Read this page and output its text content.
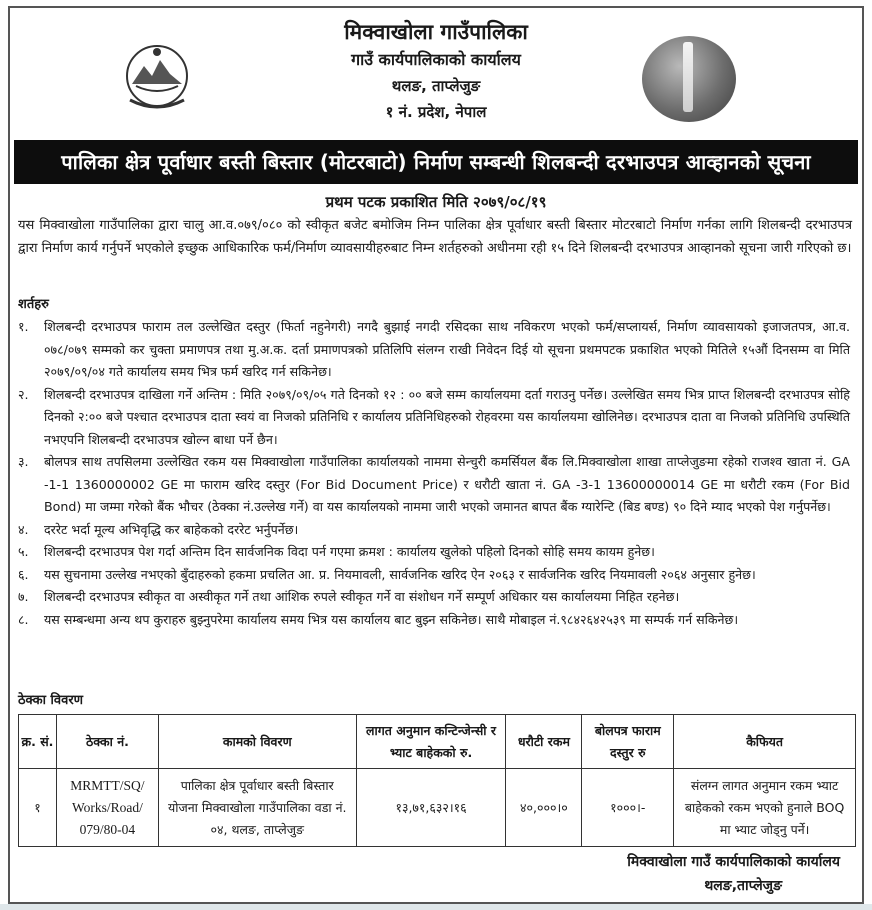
मिक्वाखोला गाउँपालिका
गाउँ कार्यपालिकाको कार्यालय
थलङ, ताप्लेजुङ
१ नं. प्रदेश, नेपाल
पालिका क्षेत्र पूर्वाधार बस्ती बिस्तार (मोटरबाटो) निर्माण सम्बन्धी शिलबन्दी दरभाउपत्र आव्हानको सूचना
प्रथम पटक प्रकाशित मिति २०७९/०८/१९
यस मिक्वाखोला गाउँपालिका द्वारा चालु आ.व.०७९/०८० को स्वीकृत बजेट बमोजिम निम्न पालिका क्षेत्र पूर्वाधार बस्ती बिस्तार मोटरबाटो निर्माण गर्नका लागि शिलबन्दी दरभाउपत्र द्वारा निर्माण कार्य गर्नुपर्ने भएकोले इच्छुक आधिकारिक फर्म/निर्माण व्यावसायीहरुबाट निम्न शर्तहरुको अधीनमा रही १५ दिने शिलबन्दी दरभाउपत्र आव्हानको सूचना जारी गरिएको छ।
शर्तहरु
१.	शिलबन्दी दरभाउपत्र फाराम तल उल्लेखित दस्तुर (फिर्ता नहुनेगरी) नगदै बुझाई नगदी रसिदका साथ नविकरण भएको फर्म/सप्लायर्स, निर्माण व्यावसायको इजाजतपत्र, आ.व. ०७८/०७९ सम्मको कर चुक्ता प्रमाणपत्र तथा मु.अ.क. दर्ता प्रमाणपत्रको प्रतिलिपि संलग्न राखी निवेदन दिई यो सूचना प्रथमपटक प्रकाशित भएको मितिले १५औं दिनसम्म वा मिति २०७९/०९/०४ गते कार्यालय समय भित्र फर्म खरिद गर्न सकिनेछ।
२.	शिलबन्दी दरभाउपत्र दाखिला गर्ने अन्तिम : मिति २०७९/०९/०५ गते दिनको १२ : ०० बजे सम्म कार्यालयमा दर्ता गराउनु पर्नेछ। उल्लेखित समय भित्र प्राप्त शिलबन्दी दरभाउपत्र सोहि दिनको २:०० बजे पश्चात दरभाउपत्र दाता स्वयं वा निजको प्रतिनिधि र कार्यालय प्रतिनिधिहरुको रोहवरमा यस कार्यालयमा खोलिनेछ। दरभाउपत्र दाता वा निजको प्रतिनिधि उपस्थिति नभएपनि शिलबन्दी दरभाउपत्र खोल्न बाधा पर्ने छैन।
३.	बोलपत्र साथ तपसिलमा उल्लेखित रकम यस मिक्वाखोला गाउँपालिका कार्यालयको नाममा सेन्चुरी कमर्सियल बैंक लि.मिक्वाखोला शाखा ताप्लेजुङमा रहेको राजश्व खाता नं. GA -1-1 1360000002 GE मा फाराम खरिद दस्तुर (For Bid Document Price) र धरौटी खाता नं. GA -3-1 13600000014 GE मा धरौटी रकम (For Bid Bond) मा जम्मा गरेको बैंक भौचर (ठेक्का नं.उल्लेख गर्ने) वा यस कार्यालयको नाममा जारी भएको जमानत बापत बैंक ग्यारेन्टि (बिड बण्ड) ९० दिने म्याद भएको पेश गर्नुपर्नेछ।
४.	दररेट भर्दा मूल्य अभिवृद्धि कर बाहेकको दररेट भर्नुपर्नेछ।
५.	शिलबन्दी दरभाउपत्र पेश गर्दा अन्तिम दिन सार्वजनिक विदा पर्न गएमा क्रमश : कार्यालय खुलेको पहिलो दिनको सोहि समय कायम हुनेछ।
६.	यस सुचनामा उल्लेख नभएको बुँदाहरुको हकमा प्रचलित आ. प्र. नियमावली, सार्वजनिक खरिद ऐन २०६३ र सार्वजनिक खरिद नियमावली २०६४ अनुसार हुनेछ।
७.	शिलबन्दी दरभाउपत्र स्वीकृत वा अस्वीकृत गर्ने तथा आंशिक रुपले स्वीकृत गर्ने वा संशोधन गर्ने सम्पूर्ण अधिकार यस कार्यालयमा निहित रहनेछ।
८.	यस सम्बन्धमा अन्य थप कुराहरु बुझ्नुपरेमा कार्यालय समय भित्र यस कार्यालय बाट बुझ्न सकिनेछ। साथै मोबाइल नं.९८४२६४२५३९ मा सम्पर्क गर्न सकिनेछ।
ठेक्का विवरण
क्र. सं.	ठेक्का नं.	कामको विवरण	लागत अनुमान कन्टिन्जेन्सी र भ्याट बाहेकको रु.	धरौटी रकम	बोलपत्र फाराम दस्तुर रु	कैफियत
१	MRMTT/SQ/ Works/Road/ 079/80-04	पालिका क्षेत्र पूर्वाधार बस्ती बिस्तार योजना मिक्वाखोला गाउँपालिका वडा नं. ०४, थलङ, ताप्लेजुङ	१३,७१,६३२।१६	४०,०००।०	१०००।-	संलग्न लागत अनुमान रकम भ्याट बाहेकको रकम भएको हुनाले BOQ मा भ्याट जोड्नु पर्ने।
मिक्वाखोला गाउँ कार्यपालिकाको कार्यालय
थलङ,ताप्लेजुङ
